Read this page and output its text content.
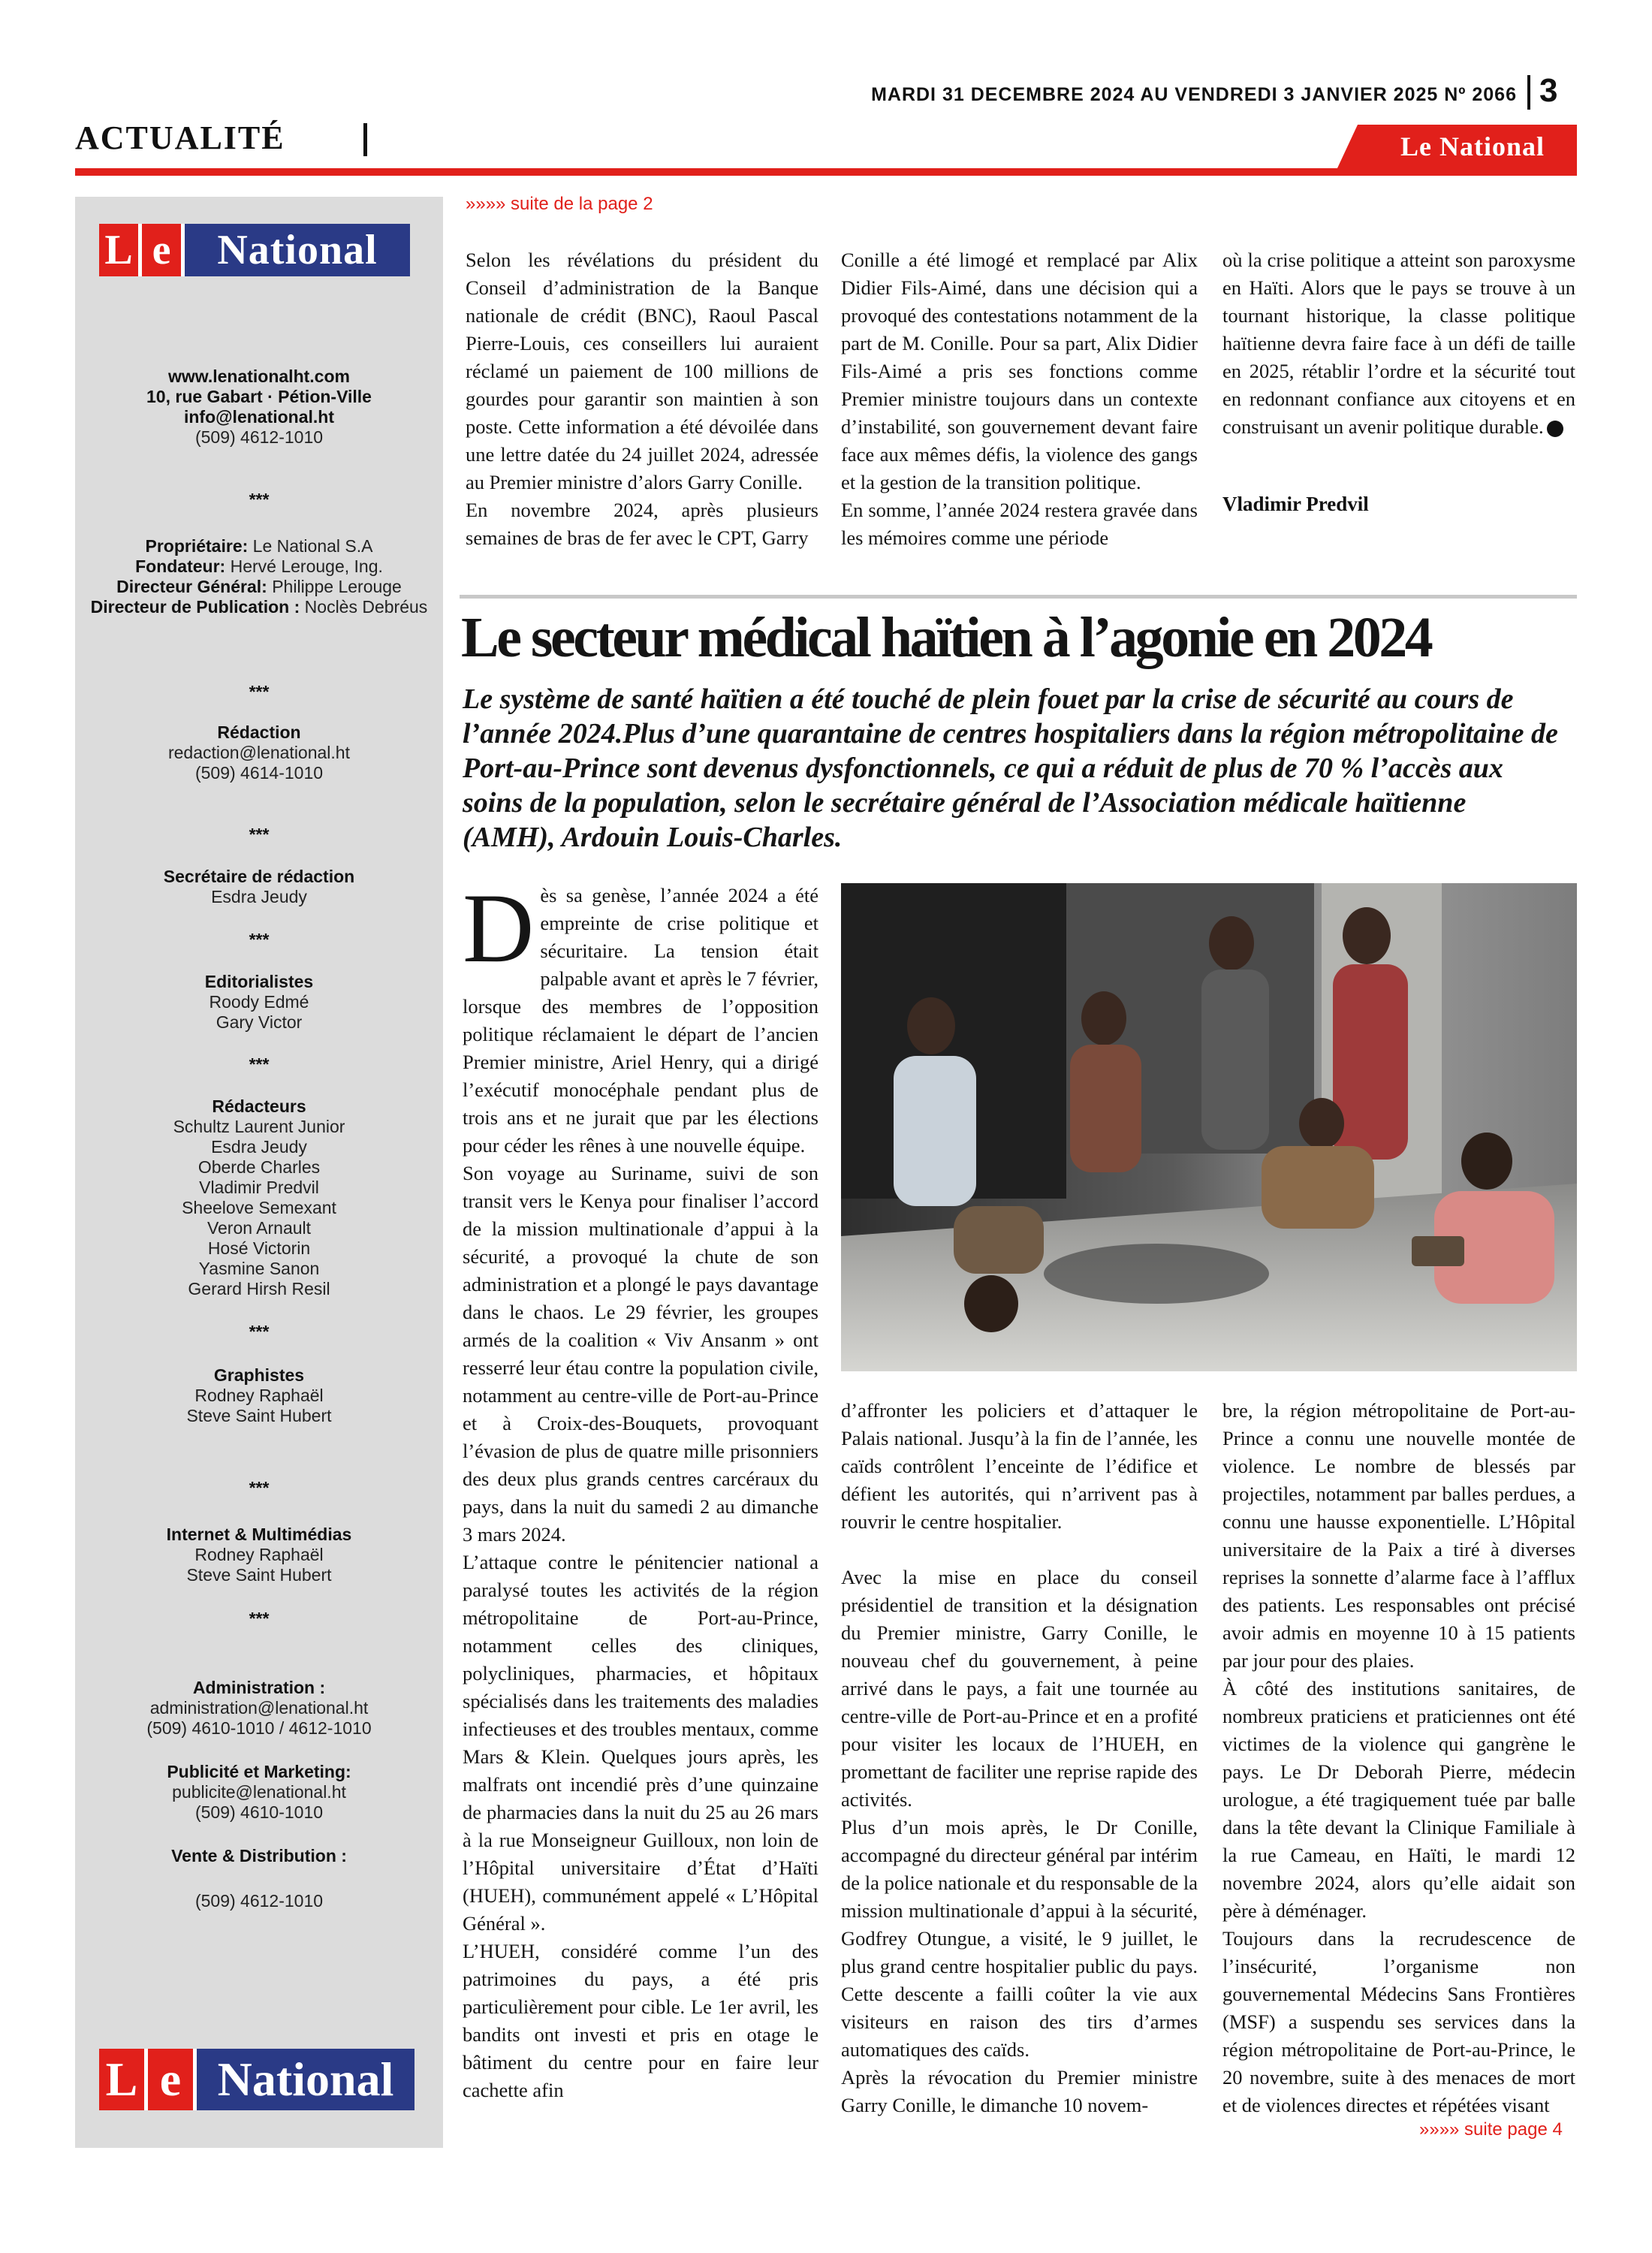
MARDI 31 DECEMBRE 2024 AU VENDREDI 3 JANVIER 2025 Nº 2066 3
ACTUALITÉ	Le National
L e	National
www.lenationalht.com
10, rue Gabart · Pétion-Ville
info@lenational.ht
(509) 4612-1010
***
Propriétaire: Le National S.A
Fondateur: Hervé Lerouge, Ing.
Directeur Général: Philippe Lerouge
Directeur de Publication : Noclès Debréus
***
Rédaction
redaction@lenational.ht
(509) 4614-1010
***
Secrétaire de rédaction
Esdra Jeudy
***
Editorialistes
Roody Edmé
Gary Victor
***
Rédacteurs
Schultz Laurent Junior
Esdra Jeudy
Oberde Charles
Vladimir Predvil
Sheelove Semexant
Veron Arnault
Hosé Victorin
Yasmine Sanon
Gerard Hirsh Resil
***
Graphistes
Rodney Raphaël
Steve Saint Hubert
***
Internet & Multimédias
Rodney Raphaël
Steve Saint Hubert
***
Administration :
administration@lenational.ht
(509) 4610-1010 / 4612-1010
Publicité et Marketing:
publicite@lenational.ht
(509) 4610-1010
Vente & Distribution :
(509) 4612-1010
L e National
»»»» suite de la page 2

Selon les révélations du président du Conseil d’administration de la Banque nationale de crédit (BNC), Raoul Pascal Pierre-Louis, ces conseillers lui auraient réclamé un paiement de 100 millions de gourdes pour garantir son maintien à son poste. Cette information a été dévoilée dans une lettre datée du 24 juillet 2024, adressée au Premier ministre d’alors Garry Conille.

En novembre 2024, après plusieurs semaines de bras de fer avec le CPT, Garry

Conille a été limogé et remplacé par Alix Didier Fils-Aimé, dans une décision qui a provoqué des contestations notamment de la part de M. Conille. Pour sa part, Alix Didier Fils-Aimé a pris ses fonctions comme Premier ministre toujours dans un contexte d’instabilité, son gouvernement devant faire face aux mêmes défis, la violence des gangs et la gestion de la transition politique.

En somme, l’année 2024 restera gravée dans les mémoires comme une période

où la crise politique a atteint son paroxysme en Haïti. Alors que le pays se trouve à un tournant historique, la classe politique haïtienne devra faire face à un défi de taille en 2025, rétablir l’ordre et la sécurité tout en redonnant confiance aux citoyens et en construisant un avenir politique durable.

Vladimir Predvil
Le secteur médical haïtien à l’agonie en 2024
Le système de santé haïtien a été touché de plein fouet par la crise de sécurité au cours de l’année 2024.Plus d’une quarantaine de centres hospitaliers dans la région métropolitaine de Port-au-Prince sont devenus dysfonctionnels, ce qui a réduit de plus de 70 % l’accès aux soins de la population, selon le secrétaire général de l’Association médicale haïtienne (AMH), Ardouin Louis-Charles.

Dès sa genèse, l’année 2024 a été empreinte de crise politique et sécuritaire. La tension était palpable avant et après le 7 février, lorsque des membres de l’opposition politique réclamaient le départ de l’ancien Premier ministre, Ariel Henry, qui a dirigé l’exécutif monocéphale pendant plus de trois ans et ne jurait que par les élections pour céder les rênes à une nouvelle équipe.

Son voyage au Suriname, suivi de son transit vers le Kenya pour finaliser l’accord de la mission multinationale d’appui à la sécurité, a provoqué la chute de son administration et a plongé le pays davantage dans le chaos. Le 29 février, les groupes armés de la coalition « Viv Ansanm » ont resserré leur étau contre la population civile, notamment au centre-ville de Port-au-Prince et à Croix-des-Bouquets, provoquant l’évasion de plus de quatre mille prisonniers des deux plus grands centres carcéraux du pays, dans la nuit du samedi 2 au dimanche 3 mars 2024.

L’attaque contre le pénitencier national a paralysé toutes les activités de la région métropolitaine de Port-au-Prince, notamment celles des cliniques, polycliniques, pharmacies, et hôpitaux spécialisés dans les traitements des maladies infectieuses et des troubles mentaux, comme Mars & Klein. Quelques jours après, les malfrats ont incendié près d’une quinzaine de pharmacies dans la nuit du 25 au 26 mars à la rue Monseigneur Guilloux, non loin de l’Hôpital universitaire d’État d’Haïti (HUEH), communément appelé « L’Hôpital Général ».

L’HUEH, considéré comme l’un des patrimoines du pays, a été pris particulièrement pour cible. Le 1er avril, les bandits ont investi et pris en otage le bâtiment du centre pour en faire leur cachette afin

d’affronter les policiers et d’attaquer le Palais national. Jusqu’à la fin de l’année, les caïds contrôlent l’enceinte de l’édifice et défient les autorités, qui n’arrivent pas à rouvrir le centre hospitalier.

Avec la mise en place du conseil présidentiel de transition et la désignation du Premier ministre, Garry Conille, le nouveau chef du gouvernement, à peine arrivé dans le pays, a fait une tournée au centre-ville de Port-au-Prince et en a profité pour visiter les locaux de l’HUEH, en promettant de faciliter une reprise rapide des activités.

Plus d’un mois après, le Dr Conille, accompagné du directeur général par intérim de la police nationale et du responsable de la mission multinationale d’appui à la sécurité, Godfrey Otungue, a visité, le 9 juillet, le plus grand centre hospitalier public du pays. Cette descente a failli coûter la vie aux visiteurs en raison des tirs d’armes automatiques des caïds.

Après la révocation du Premier ministre Garry Conille, le dimanche 10 novem-

bre, la région métropolitaine de Port-au-Prince a connu une nouvelle montée de violence. Le nombre de blessés par projectiles, notamment par balles perdues, a connu une hausse exponentielle. L’Hôpital universitaire de la Paix a tiré à diverses reprises la sonnette d’alarme face à l’afflux des patients. Les responsables ont précisé avoir admis en moyenne 10 à 15 patients par jour pour des plaies.

À côté des institutions sanitaires, de nombreux praticiens et praticiennes ont été victimes de la violence qui gangrène le pays. Le Dr Deborah Pierre, médecin urologue, a été tragiquement tuée par balle dans la tête devant la Clinique Familiale à la rue Cameau, en Haïti, le mardi 12 novembre 2024, alors qu’elle aidait son père à déménager.

Toujours dans la recrudescence de l’insécurité, l’organisme non gouvernemental Médecins Sans Frontières (MSF) a suspendu ses services dans la région métropolitaine de Port-au-Prince, le 20 novembre, suite à des menaces de mort et de violences directes et répétées visant

»»»» suite page 4
